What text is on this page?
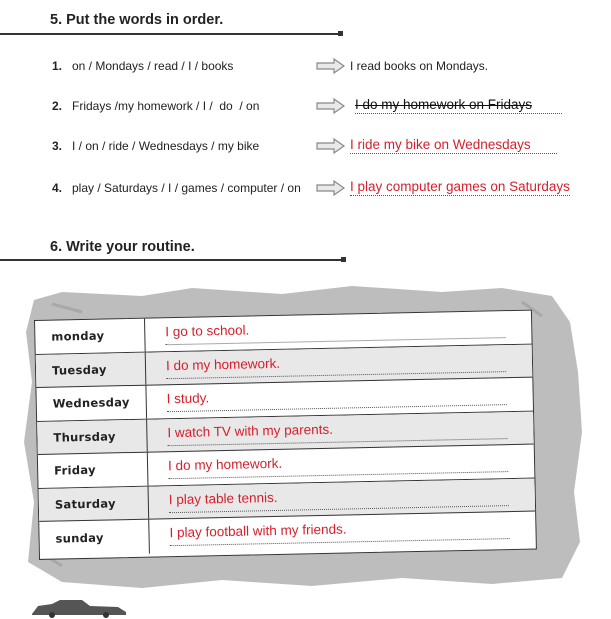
5. Put the words in order.
1. on / Mondays / read / I / books	I read books on Mondays.
2. Fridays /my homework / I /  do  / on	I do my homework on Fridays
3. I / on / ride / Wednesdays / my bike	I ride my bike on Wednesdays
4. play / Saturdays / I / games / computer / on	I play computer games on Saturdays
6. Write your routine.
monday	I go to school.
Tuesday	I do my homework.
Wednesday	I study.
Thursday	I watch TV with my parents.
Friday	I do my homework.
Saturday	I play table tennis.
sunday	I play football with my friends.
